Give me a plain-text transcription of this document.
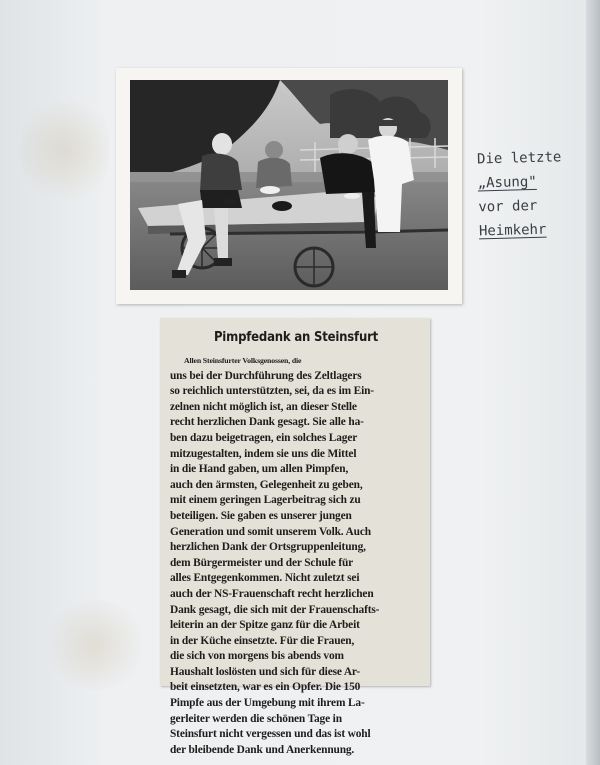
Die letzte
„Asung"
vor der
Heimkehr
Pimpfedank an Steinsfurt
Allen Steinsfurter Volksgenossen, die
uns bei der Durchführung des Zeltlagers
so reichlich unterstützten, sei, da es im Ein-
zelnen nicht möglich ist, an dieser Stelle
recht herzlichen Dank gesagt. Sie alle ha-
ben dazu beigetragen, ein solches Lager
mitzugestalten, indem sie uns die Mittel
in die Hand gaben, um allen Pimpfen,
auch den ärmsten, Gelegenheit zu geben,
mit einem geringen Lagerbeitrag sich zu
beteiligen. Sie gaben es unserer jungen
Generation und somit unserem Volk. Auch
herzlichen Dank der Ortsgruppenleitung,
dem Bürgermeister und der Schule für
alles Entgegenkommen. Nicht zuletzt sei
auch der NS-Frauenschaft recht herzlichen
Dank gesagt, die sich mit der Frauenschafts-
leiterin an der Spitze ganz für die Arbeit
in der Küche einsetzte. Für die Frauen,
die sich von morgens bis abends vom
Haushalt loslösten und sich für diese Ar-
beit einsetzten, war es ein Opfer. Die 150
Pimpfe aus der Umgebung mit ihrem La-
gerleiter werden die schönen Tage in
Steinsfurt nicht vergessen und das ist wohl
der bleibende Dank und Anerkennung.
